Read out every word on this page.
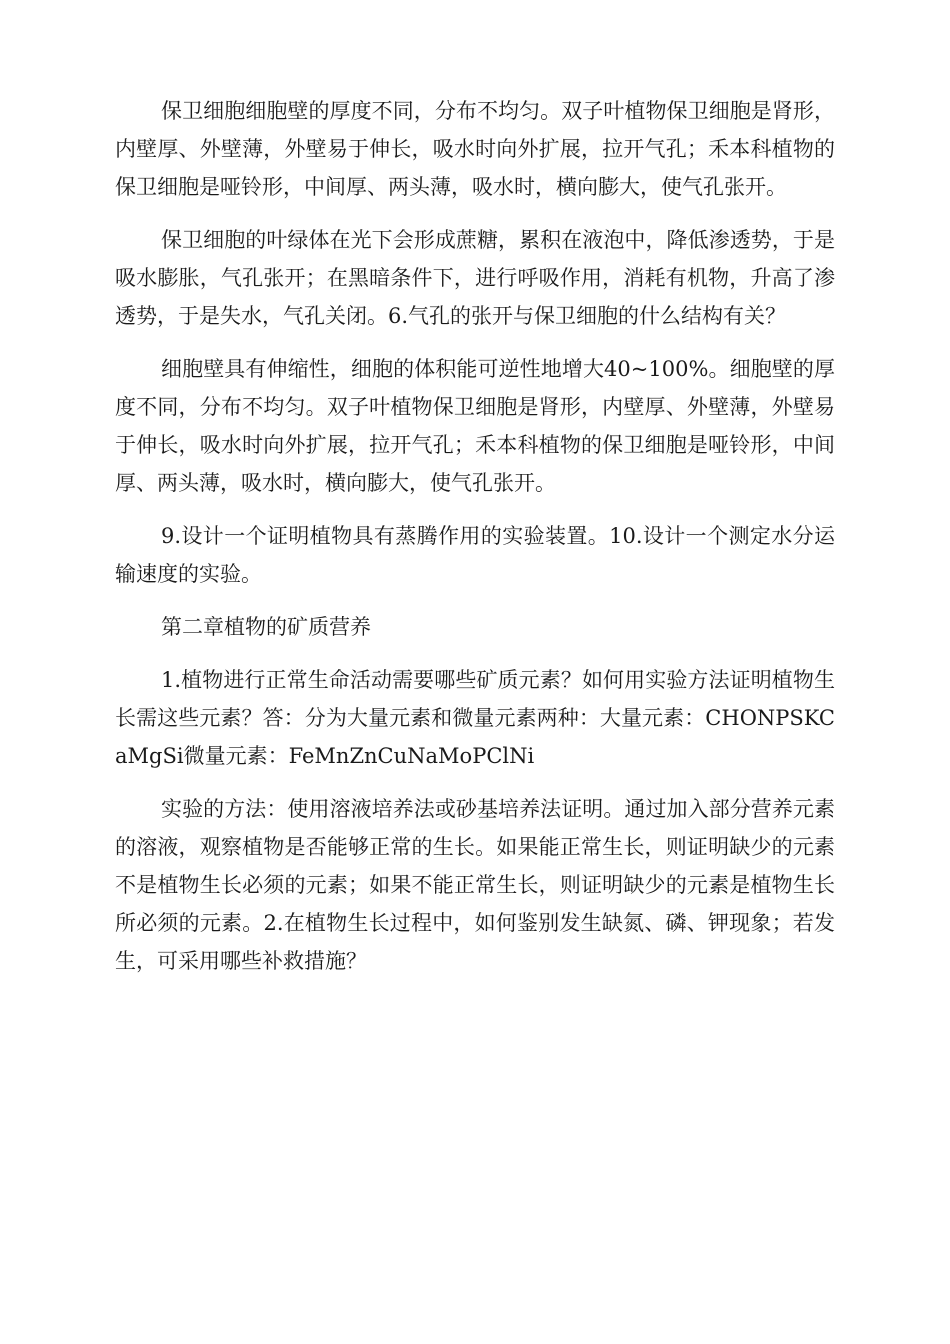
保卫细胞细胞壁的厚度不同，分布不均匀。双子叶植物保卫细胞是肾形，内壁厚、外壁薄，外壁易于伸长，吸水时向外扩展，拉开气孔；禾本科植物的保卫细胞是哑铃形，中间厚、两头薄，吸水时，横向膨大，使气孔张开。

保卫细胞的叶绿体在光下会形成蔗糖，累积在液泡中，降低渗透势，于是吸水膨胀，气孔张开；在黑暗条件下，进行呼吸作用，消耗有机物，升高了渗透势，于是失水，气孔关闭。6.气孔的张开与保卫细胞的什么结构有关？

细胞壁具有伸缩性，细胞的体积能可逆性地增大40~100%。细胞壁的厚度不同，分布不均匀。双子叶植物保卫细胞是肾形，内壁厚、外壁薄，外壁易于伸长，吸水时向外扩展，拉开气孔；禾本科植物的保卫细胞是哑铃形，中间厚、两头薄，吸水时，横向膨大，使气孔张开。

9.设计一个证明植物具有蒸腾作用的实验装置。10.设计一个测定水分运输速度的实验。

第二章植物的矿质营养

1.植物进行正常生命活动需要哪些矿质元素？如何用实验方法证明植物生长需这些元素？答：分为大量元素和微量元素两种：大量元素：CHONPSKCaMgSi微量元素：FeMnZnCuNaMoPClNi

实验的方法：使用溶液培养法或砂基培养法证明。通过加入部分营养元素的溶液，观察植物是否能够正常的生长。如果能正常生长，则证明缺少的元素不是植物生长必须的元素；如果不能正常生长，则证明缺少的元素是植物生长所必须的元素。2.在植物生长过程中，如何鉴别发生缺氮、磷、钾现象；若发生，可采用哪些补救措施？
